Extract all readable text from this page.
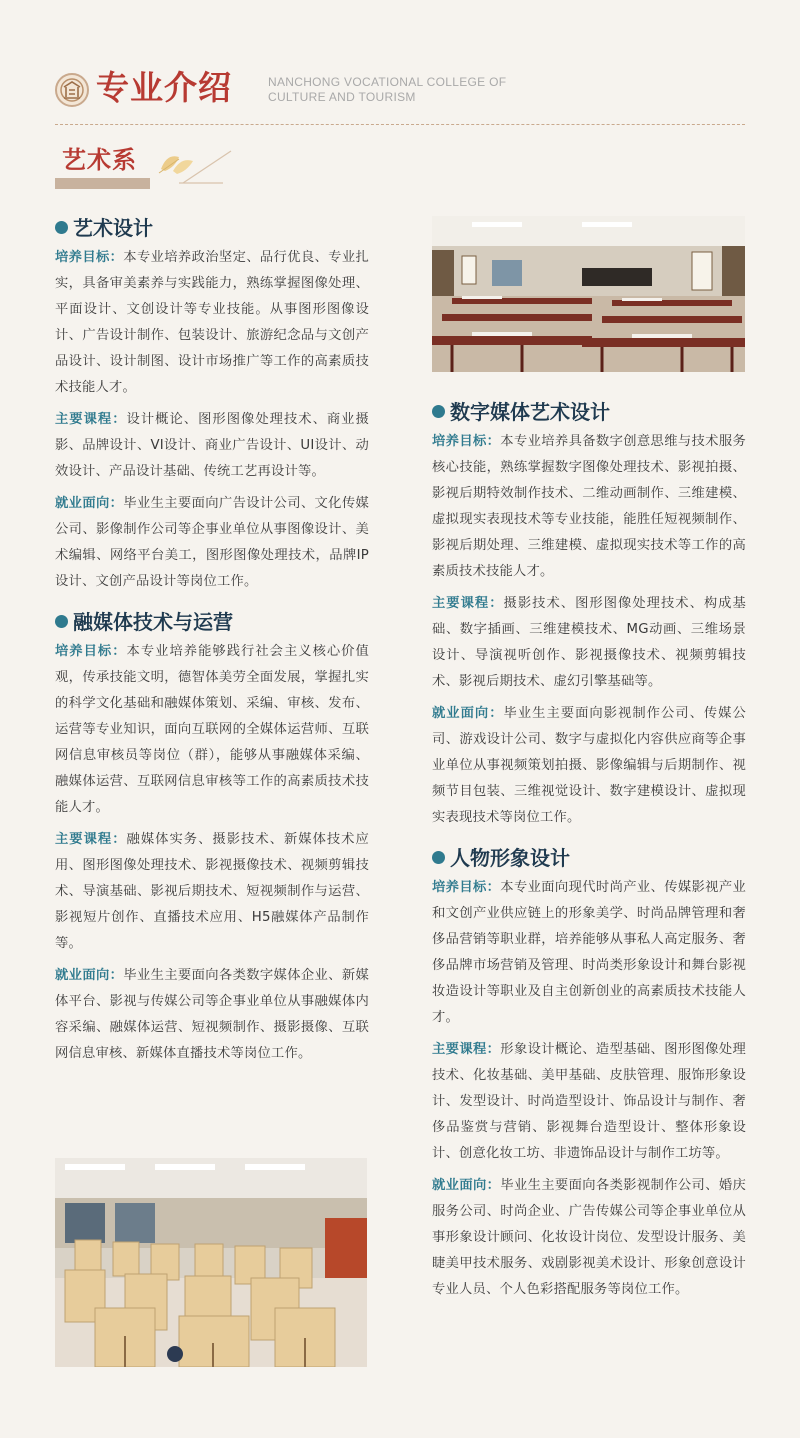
专业介绍	NANCHONG VOCATIONAL COLLEGE OF
CULTURE AND TOURISM
艺术系
艺术设计

培养目标：本专业培养政治坚定、品行优良、专业扎实，具备审美素养与实践能力，熟练掌握图像处理、平面设计、文创设计等专业技能。从事图形图像设计、广告设计制作、包装设计、旅游纪念品与文创产品设计、设计制图、设计市场推广等工作的高素质技术技能人才。

主要课程：设计概论、图形图像处理技术、商业摄影、品牌设计、VI设计、商业广告设计、UI设计、动效设计、产品设计基础、传统工艺再设计等。

就业面向：毕业生主要面向广告设计公司、文化传媒公司、影像制作公司等企事业单位从事图像设计、美术编辑、网络平台美工，图形图像处理技术，品牌IP设计、文创产品设计等岗位工作。

融媒体技术与运营

培养目标：本专业培养能够践行社会主义核心价值观，传承技能文明，德智体美劳全面发展，掌握扎实的科学文化基础和融媒体策划、采编、审核、发布、运营等专业知识，面向互联网的全媒体运营师、互联网信息审核员等岗位（群），能够从事融媒体采编、融媒体运营、互联网信息审核等工作的高素质技术技能人才。

主要课程：融媒体实务、摄影技术、新媒体技术应用、图形图像处理技术、影视摄像技术、视频剪辑技术、导演基础、影视后期技术、短视频制作与运营、影视短片创作、直播技术应用、H5融媒体产品制作等。

就业面向：毕业生主要面向各类数字媒体企业、新媒体平台、影视与传媒公司等企事业单位从事融媒体内容采编、融媒体运营、短视频制作、摄影摄像、互联网信息审核、新媒体直播技术等岗位工作。

数字媒体艺术设计

培养目标：本专业培养具备数字创意思维与技术服务核心技能，熟练掌握数字图像处理技术、影视拍摄、影视后期特效制作技术、二维动画制作、三维建模、虚拟现实表现技术等专业技能，能胜任短视频制作、影视后期处理、三维建模、虚拟现实技术等工作的高素质技术技能人才。

主要课程：摄影技术、图形图像处理技术、构成基础、数字插画、三维建模技术、MG动画、三维场景设计、导演视听创作、影视摄像技术、视频剪辑技术、影视后期技术、虚幻引擎基础等。

就业面向：毕业生主要面向影视制作公司、传媒公司、游戏设计公司、数字与虚拟化内容供应商等企事业单位从事视频策划拍摄、影像编辑与后期制作、视频节目包装、三维视觉设计、数字建模设计、虚拟现实表现技术等岗位工作。

人物形象设计

培养目标：本专业面向现代时尚产业、传媒影视产业和文创产业供应链上的形象美学、时尚品牌管理和奢侈品营销等职业群，培养能够从事私人高定服务、奢侈品牌市场营销及管理、时尚类形象设计和舞台影视妆造设计等职业及自主创新创业的高素质技术技能人才。

主要课程：形象设计概论、造型基础、图形图像处理技术、化妆基础、美甲基础、皮肤管理、服饰形象设计、发型设计、时尚造型设计、饰品设计与制作、奢侈品鉴赏与营销、影视舞台造型设计、整体形象设计、创意化妆工坊、非遗饰品设计与制作工坊等。

就业面向：毕业生主要面向各类影视制作公司、婚庆服务公司、时尚企业、广告传媒公司等企事业单位从事形象设计顾问、化妆设计岗位、发型设计服务、美睫美甲技术服务、戏剧影视美术设计、形象创意设计专业人员、个人色彩搭配服务等岗位工作。
